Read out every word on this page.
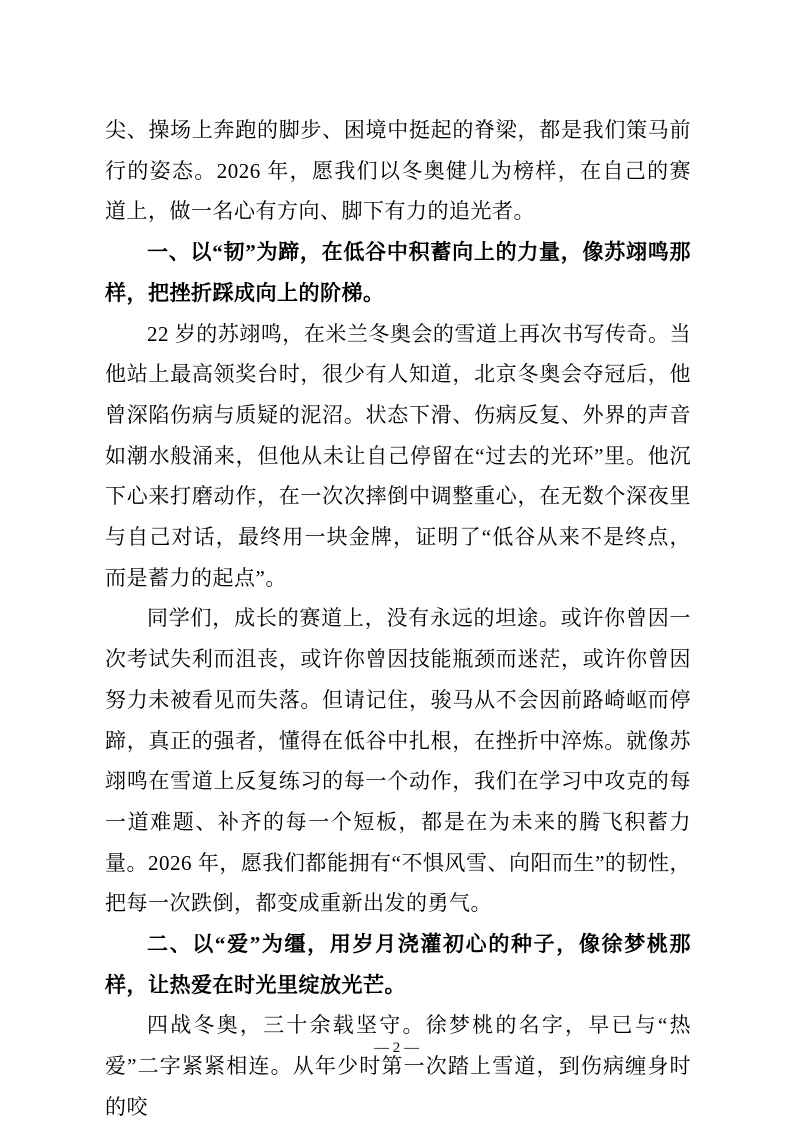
尖、操场上奔跑的脚步、困境中挺起的脊梁，都是我们策马前行的姿态。2026 年，愿我们以冬奥健儿为榜样，在自己的赛道上，做一名心有方向、脚下有力的追光者。

一、以“韧”为蹄，在低谷中积蓄向上的力量，像苏翊鸣那样，把挫折踩成向上的阶梯。

22 岁的苏翊鸣，在米兰冬奥会的雪道上再次书写传奇。当他站上最高领奖台时，很少有人知道，北京冬奥会夺冠后，他曾深陷伤病与质疑的泥沼。状态下滑、伤病反复、外界的声音如潮水般涌来，但他从未让自己停留在“过去的光环”里。他沉下心来打磨动作，在一次次摔倒中调整重心，在无数个深夜里与自己对话，最终用一块金牌，证明了“低谷从来不是终点，而是蓄力的起点”。

同学们，成长的赛道上，没有永远的坦途。或许你曾因一次考试失利而沮丧，或许你曾因技能瓶颈而迷茫，或许你曾因努力未被看见而失落。但请记住，骏马从不会因前路崎岖而停蹄，真正的强者，懂得在低谷中扎根，在挫折中淬炼。就像苏翊鸣在雪道上反复练习的每一个动作，我们在学习中攻克的每一道难题、补齐的每一个短板，都是在为未来的腾飞积蓄力量。2026 年，愿我们都能拥有“不惧风雪、向阳而生”的韧性，把每一次跌倒，都变成重新出发的勇气。

二、以“爱”为缰，用岁月浇灌初心的种子，像徐梦桃那样，让热爱在时光里绽放光芒。

四战冬奥，三十余载坚守。徐梦桃的名字，早已与“热爱”二字紧紧相连。从年少时第一次踏上雪道，到伤病缠身时的咬

— 2 —
